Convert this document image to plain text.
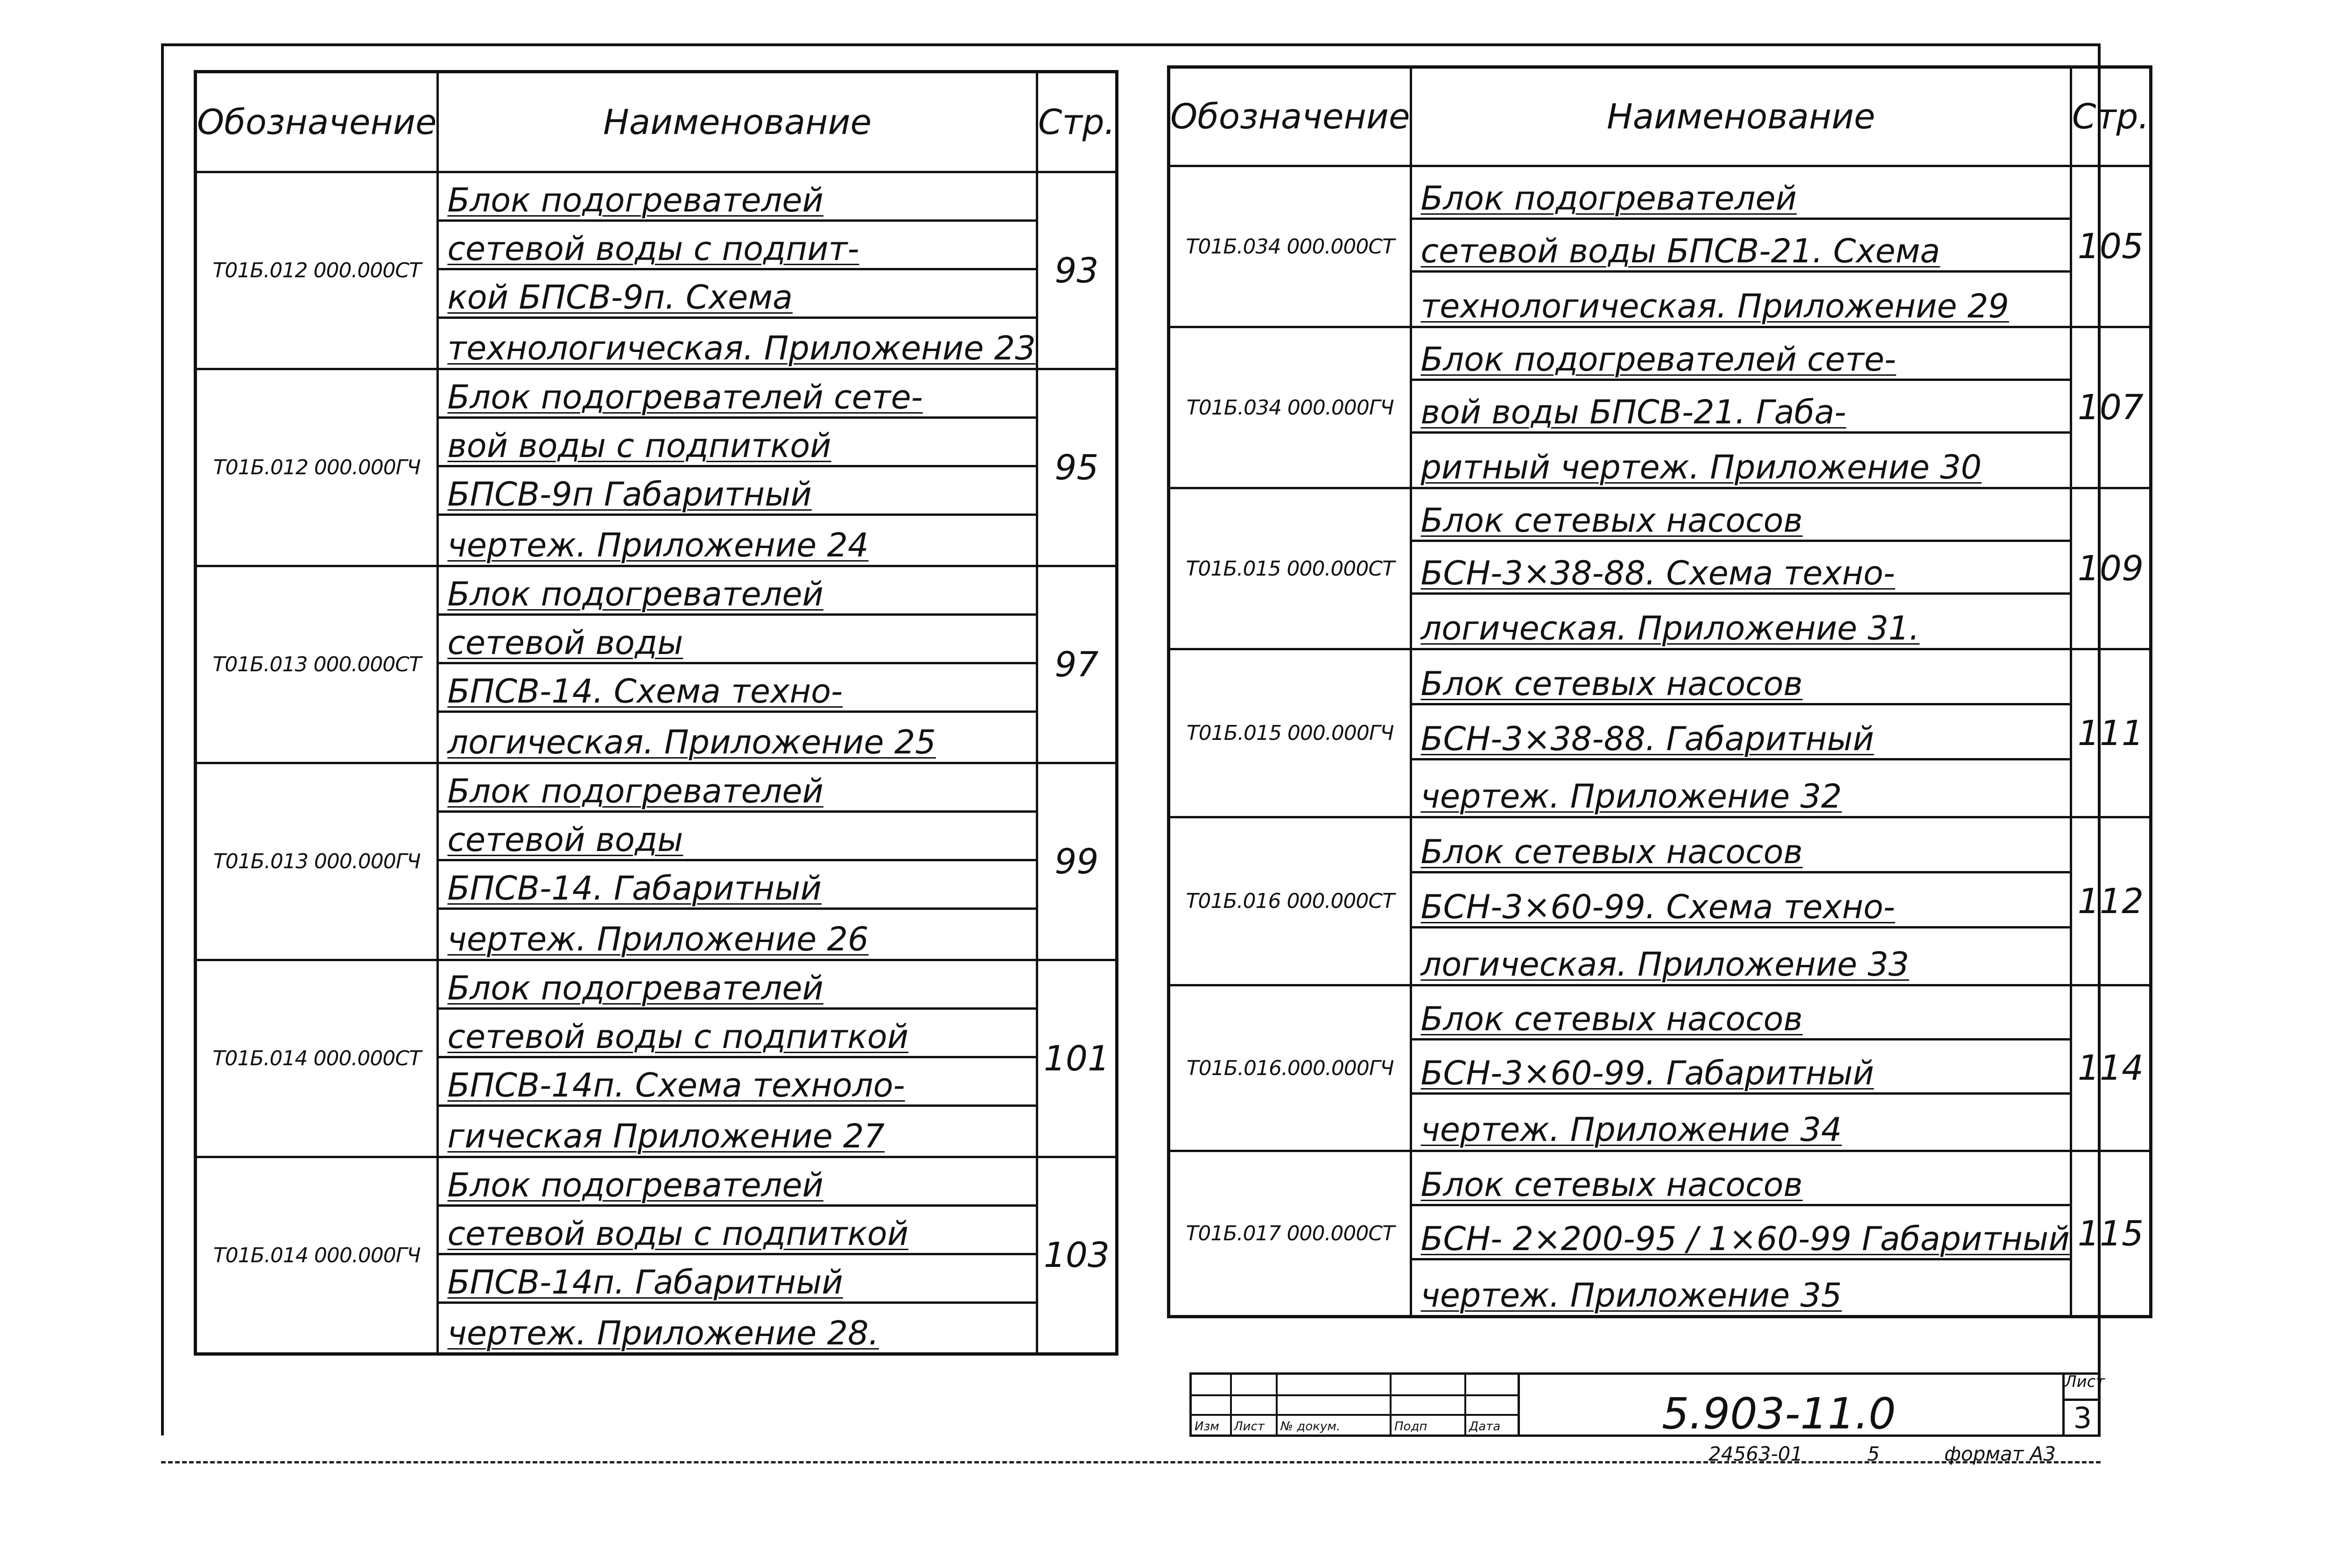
Обозначение	Наименование	Стр.
Т01Б.012 000.000СТ	Блок подогревателей
сетевой воды с подпит-
кой БПСВ-9п. Схема
технологическая. Приложение 23	93
Т01Б.012 000.000ГЧ	Блок подогревателей сете-
вой воды с подпиткой
БПСВ-9п Габаритный
чертеж. Приложение 24	95
Т01Б.013 000.000СТ	Блок подогревателей
сетевой воды
БПСВ-14. Схема техно-
логическая. Приложение 25	97
Т01Б.013 000.000ГЧ	Блок подогревателей
сетевой воды
БПСВ-14. Габаритный
чертеж. Приложение 26	99
Т01Б.014 000.000СТ	Блок подогревателей
сетевой воды с подпиткой
БПСВ-14п. Схема техноло-
гическая Приложение 27	101
Т01Б.014 000.000ГЧ	Блок подогревателей
сетевой воды с подпиткой
БПСВ-14п. Габаритный
чертеж. Приложение 28.	103
Обозначение	Наименование	Стр.
Т01Б.034 000.000СТ	Блок подогревателей
сетевой воды БПСВ-21. Схема
технологическая. Приложение 29	105
Т01Б.034 000.000ГЧ	Блок подогревателей сете-
вой воды БПСВ-21. Габа-
ритный чертеж. Приложение 30	107
Т01Б.015 000.000СТ	Блок сетевых насосов
БСН-3×38-88. Схема техно-
логическая. Приложение 31.	109
Т01Б.015 000.000ГЧ	Блок сетевых насосов
БСН-3×38-88. Габаритный
чертеж. Приложение 32	111
Т01Б.016 000.000СТ	Блок сетевых насосов
БСН-3×60-99. Схема техно-
логическая. Приложение 33	112
Т01Б.016.000.000ГЧ	Блок сетевых насосов
БСН-3×60-99. Габаритный
чертеж. Приложение 34	114
Т01Б.017 000.000СТ	Блок сетевых насосов
БСН- 2×200-95 / 1×60-99 Габаритный
чертеж. Приложение 35	115
Изм Лист № докум.	Подп	Дата	5.903-11.0
Лист
3
24563-01	5	формат А3
